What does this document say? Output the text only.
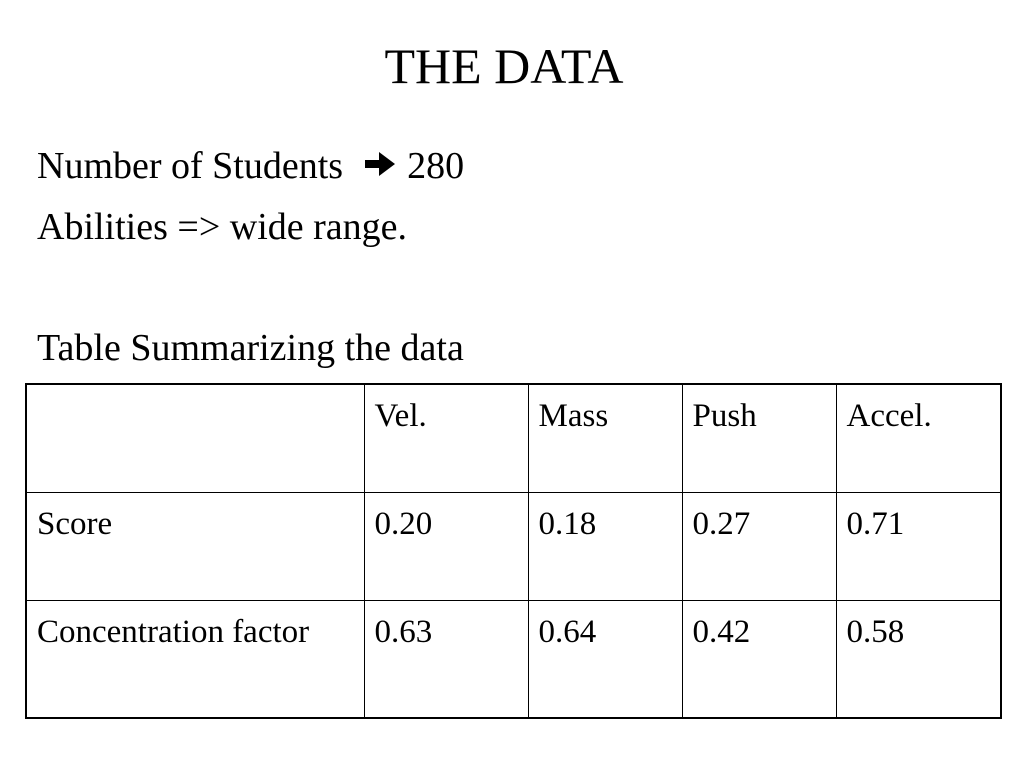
THE DATA
Number of Students 280
Abilities => wide range.
Table Summarizing the data
	Vel.	Mass	Push	Accel.
Score	0.20	0.18	0.27	0.71
Concentration factor	0.63	0.64	0.42	0.58
